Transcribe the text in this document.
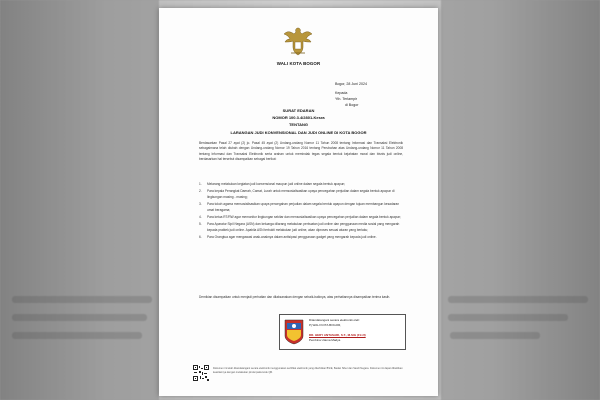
WALI KOTA BOGOR
Bogor, 28 Juni 2024
Kepada
Yth. Terlampir
di Bogor
SURAT EDARAN
NOMOR 100.3.4/2801-Kesra
TENTANG
LARANGAN JUDI KONVENSIONAL DAN JUDI ONLINE DI KOTA BOGOR

Berdasarkan Pasal 27 ayat (2) jo. Pasal 45 ayat (2) Undang-undang Nomor 11 Tahun 2008 tentang Informasi dan Transaksi Elektronik sebagaimana telah diubah dengan Undang-undang Nomor 19 Tahun 2016 tentang Perubahan atas Undang-undang Nomor 11 Tahun 2008 tentang Informasi dan Transaksi Elektronik serta arahan untuk memindak tegas segala bentuk kejahatan moral dan bisnis judi online, berdasarkan hal tersebut disampaikan sebagai berikut:

1. Melarang melakukan kegiatan judi konvensional maupun judi online dalam segala bentuk apapun;
2. Para kepala Perangkat Daerah, Camat, Lurah untuk mensosialisasikan upaya pencegahan perjudian dalam segala bentuk apapun di lingkungan masing - masing;
3. Para tokoh agama mensosialisasikan upaya pencegahan perjudian dalam segala bentuk apapun dengan tujuan membangun kesadaran umat beragama;
4. Para ketua RT/RW agar memonitor lingkungan sekitar dan mensosialisasikan upaya pencegahan perjudian dalam segala bentuk apapun;
5. Para Aparatur Sipil Negara (ASN) dan keluarga dilarang melakukan perbuatan judi online dan penggunaan media sosial yang mengarah kepada praktek judi online. Apabila ASN terbukti melakukan judi online, akan diproses sesuai aturan yang berlaku;
6. Para Orangtua agar mengawasi anak-anaknya dalam antisipasi penggunaan gadget yang mengarah kepada judi online.

Demikian disampaikan untuk menjadi perhatian dan dilaksanakan dengan sebaik-baiknya, atas perhatiannya disampaikan terima kasih.

Ditandatangani secara elektronik oleh:
Pj WALI KOTA BOGOR,
DR. HERY ANTASARI, S.T., M.SIG (FLUI)
Pembina Utama Madya
Dokumen ini telah ditandatangani secara elektronik menggunakan sertifikat elektronik yang diterbitkan BSrE, Badan Siber dan Sandi Negara. Dokumen ini dapat dibuktikan keasliannya dengan melakukan pindai pada kode QR.
